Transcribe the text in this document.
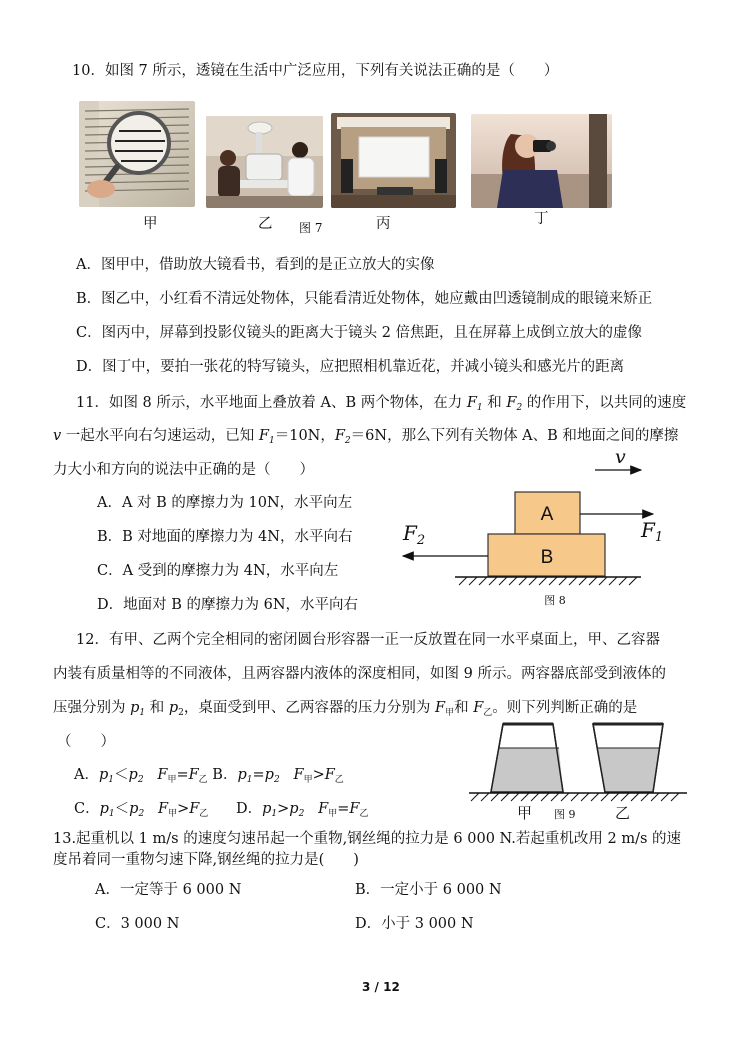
10．如图 7 所示，透镜在生活中广泛应用，下列有关说法正确的是（　　）
甲	乙 图 7	丙	丁
A．图甲中，借助放大镜看书，看到的是正立放大的实像
B．图乙中，小红看不清远处物体，只能看清近处物体，她应戴由凹透镜制成的眼镜来矫正
C．图丙中，屏幕到投影仪镜头的距离大于镜头 2 倍焦距，且在屏幕上成倒立放大的虚像
D．图丁中，要拍一张花的特写镜头，应把照相机靠近花，并减小镜头和感光片的距离
11．如图 8 所示，水平地面上叠放着 A、B 两个物体，在力 $F_1$ 和 $F_2$ 的作用下，以共同的速度
v 一起水平向右匀速运动，已知 $F_1=10N$，$F_2=6N$，那么下列有关物体 A、B 和地面之间的摩擦
力大小和方向的说法中正确的是（　　）
A．A 对 B 的摩擦力为 10N，水平向左
B．B 对地面的摩擦力为 4N，水平向右
C．A 受到的摩擦力为 4N，水平向左
D．地面对 B 的摩擦力为 6N，水平向右
v
A
$F_1$
B
$F_2$
图 8
12．有甲、乙两个完全相同的密闭圆台形容器一正一反放置在同一水平桌面上，甲、乙容器
内装有质量相等的不同液体，且两容器内液体的深度相同，如图 9 所示。两容器底部受到液体的
压强分别为 $p_1$ 和 $p_2$，桌面受到甲、乙两容器的压力分别为 $F_甲$和 $F_乙$。则下列判断正确的是
（　　）
A．$p_1<p_2$ $F_甲=F_乙$ B．$p_1=p_2$ $F_甲>F_乙$
C．$p_1<p_2$ $F_甲>F_乙$ D．$p_1>p_2$ $F_甲=F_乙$	甲 图 9	乙
13.起重机以 1 m/s 的速度匀速吊起一个重物,钢丝绳的拉力是 6 000 N.若起重机改用 2 m/s 的速
度吊着同一重物匀速下降,钢丝绳的拉力是(　　)
A．一定等于 6 000 N	B．一定小于 6 000 N
C．3 000 N	D．小于 3 000 N
3 / 12
